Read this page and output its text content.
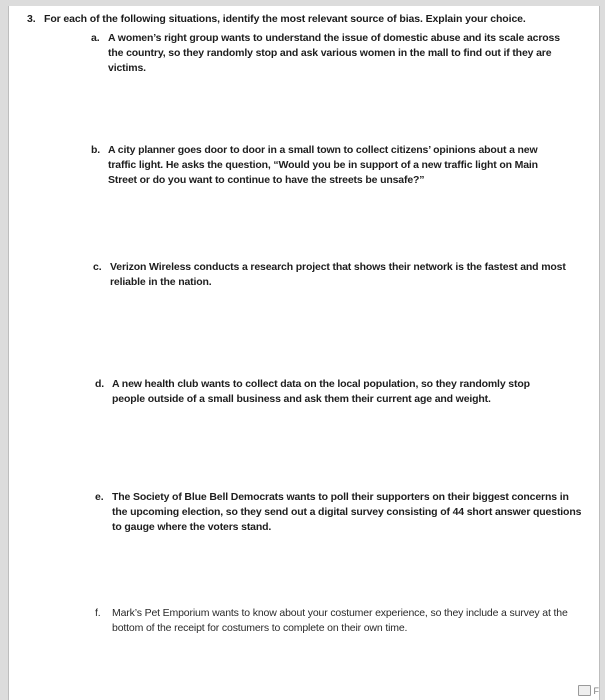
3. For each of the following situations, identify the most relevant source of bias. Explain your choice.
a. A women’s right group wants to understand the issue of domestic abuse and its scale across the country, so they randomly stop and ask various women in the mall to find out if they are victims.
b. A city planner goes door to door in a small town to collect citizens’ opinions about a new traffic light. He asks the question, “Would you be in support of a new traffic light on Main Street or do you want to continue to have the streets be unsafe?”
c. Verizon Wireless conducts a research project that shows their network is the fastest and most reliable in the nation.
d. A new health club wants to collect data on the local population, so they randomly stop people outside of a small business and ask them their current age and weight.
e. The Society of Blue Bell Democrats wants to poll their supporters on their biggest concerns in the upcoming election, so they send out a digital survey consisting of 44 short answer questions to gauge where the voters stand.
f. Mark’s Pet Emporium wants to know about your costumer experience, so they include a survey at the bottom of the receipt for costumers to complete on their own time.
F
